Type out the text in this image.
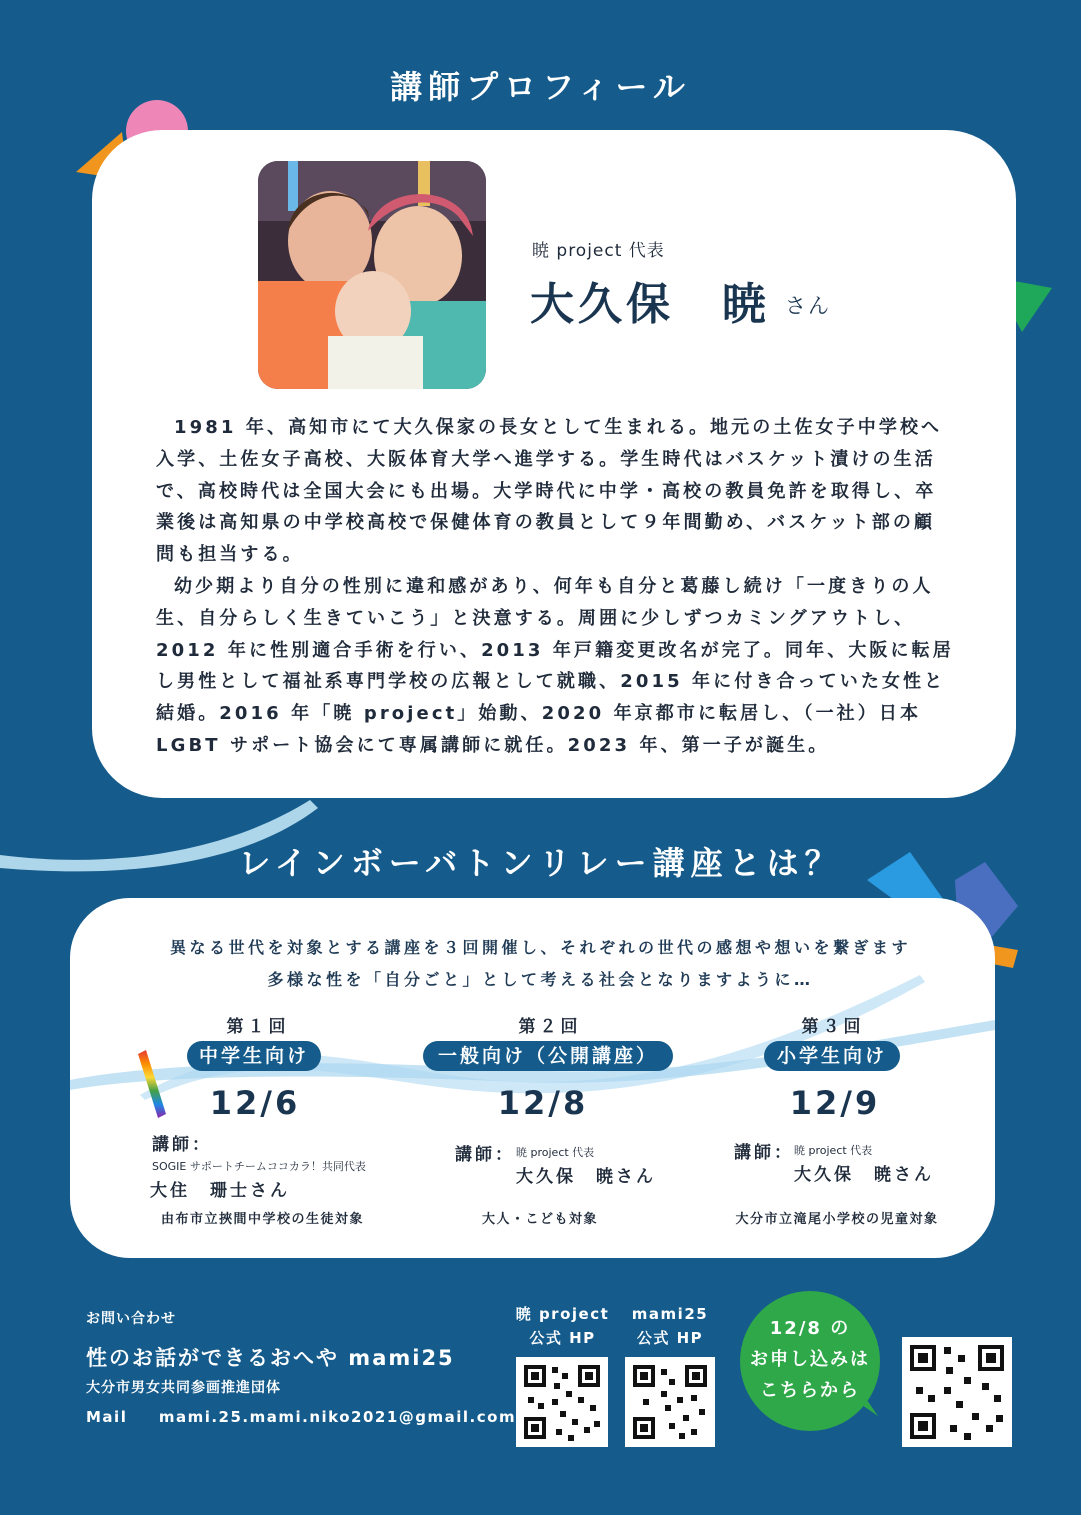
講師プロフィール
暁 project 代表
大久保　暁 さん

1981 年、高知市にて大久保家の長女として生まれる。地元の土佐女子中学校へ入学、土佐女子高校、大阪体育大学へ進学する。学生時代はバスケット漬けの生活で、高校時代は全国大会にも出場。大学時代に中学・高校の教員免許を取得し、卒業後は高知県の中学校高校で保健体育の教員として９年間勤め、バスケット部の顧問も担当する。

幼少期より自分の性別に違和感があり、何年も自分と葛藤し続け「一度きりの人生、自分らしく生きていこう」と決意する。周囲に少しずつカミングアウトし、2012 年に性別適合手術を行い、2013 年戸籍変更改名が完了。同年、大阪に転居し男性として福祉系専門学校の広報として就職、2015 年に付き合っていた女性と結婚。2016 年「暁 project」始動、2020 年京都市に転居し、（一社）日本 LGBT サポート協会にて専属講師に就任。2023 年、第一子が誕生。

レインボーバトンリレー講座とは？
異なる世代を対象とする講座を３回開催し、それぞれの世代の感想や想いを繋ぎます
多様な性を「自分ごと」として考える社会となりますように…
第１回
中学生向け
12/6
講師：
SOGIE サポートチームココカラ！共同代表
大住　珊士さん
由布市立挾間中学校の生徒対象
第２回
一般向け（公開講座）
12/8
講師： 暁 project 代表
大久保　暁さん
大人・こども対象
第３回
小学生向け
12/9
講師： 暁 project 代表
大久保　暁さん
大分市立滝尾小学校の児童対象
お問い合わせ
性のお話ができるおへや mami25
大分市男女共同参画推進団体
Mail mami.25.mami.niko2021@gmail.com
暁 project
公式 HP
mami25
公式 HP	12/8 の
お申し込みは
こちらから
